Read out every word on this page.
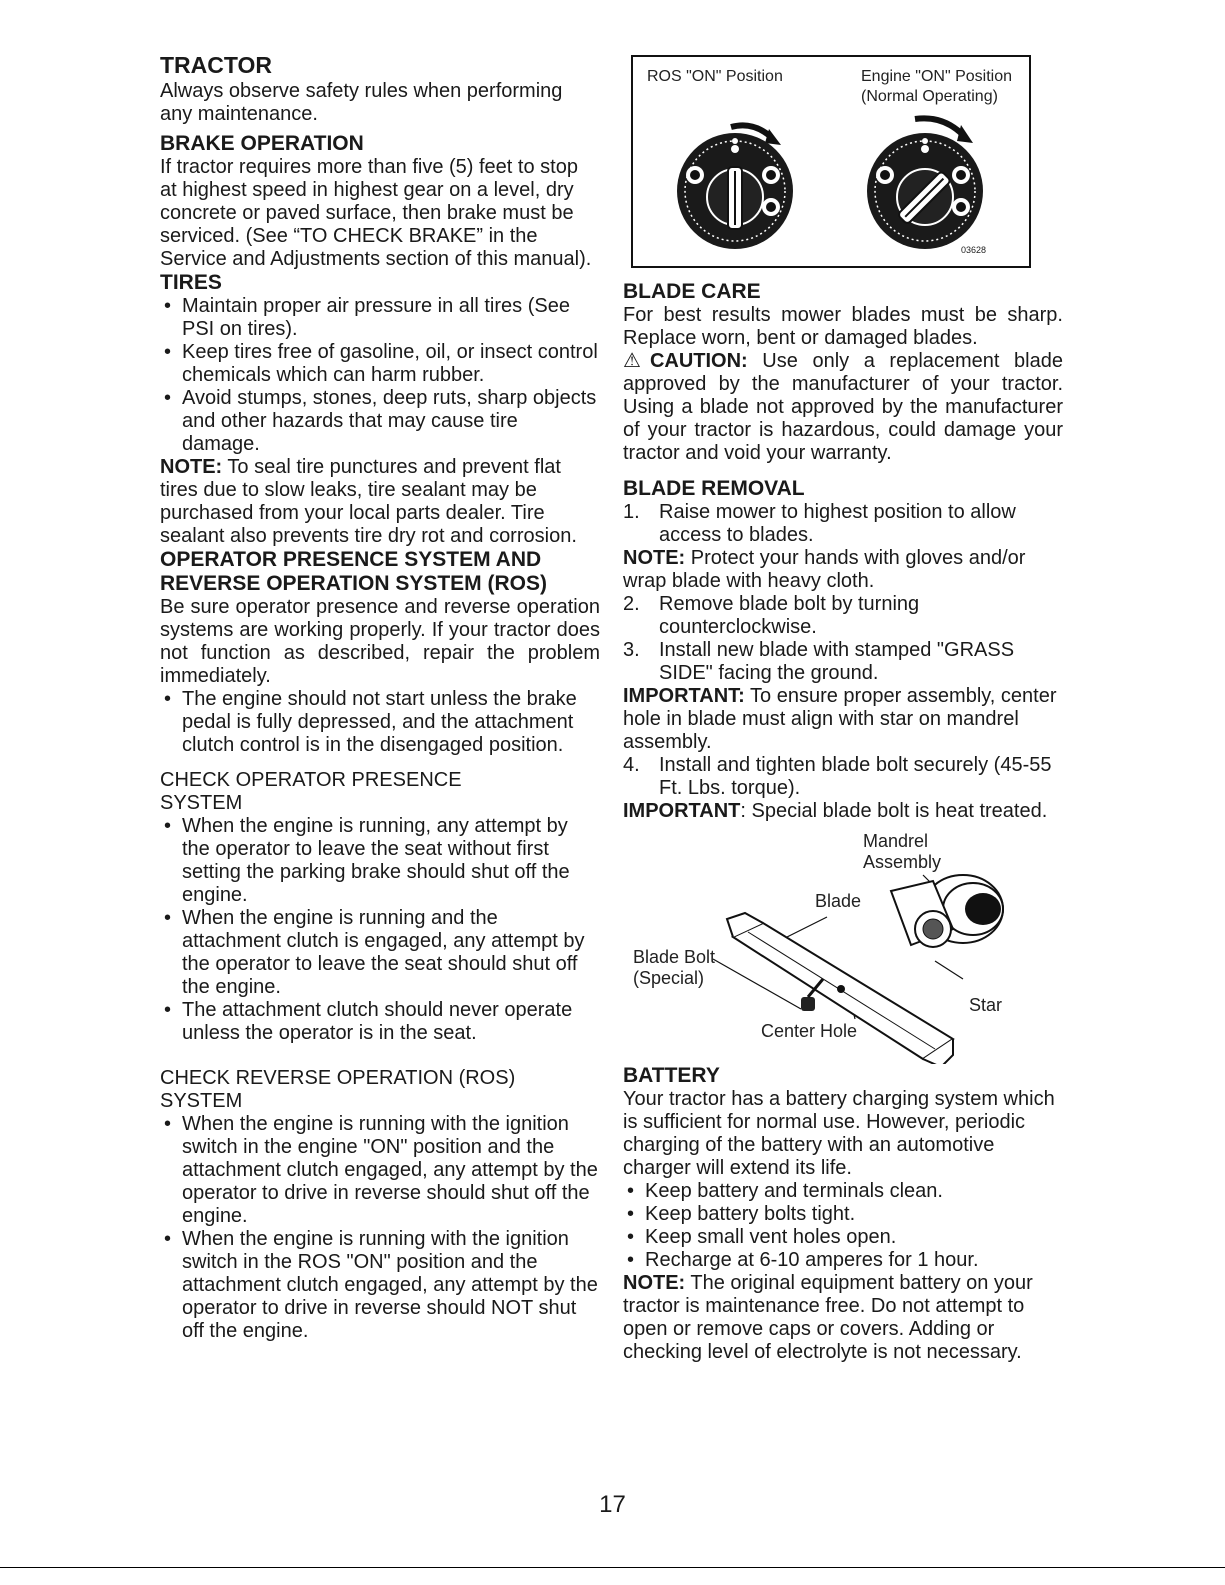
TRACTOR

Always observe safety rules when performing any maintenance.

BRAKE OPERATION

If tractor requires more than five (5) feet to stop at highest speed in highest gear on a level, dry concrete or paved surface, then brake must be serviced. (See “TO CHECK BRAKE” in the Service and Adjustments section of this manual).

TIRES
• Maintain proper air pressure in all tires (See PSI on tires).
• Keep tires free of gasoline, oil, or insect control chemicals which can harm rubber.
• Avoid stumps, stones, deep ruts, sharp objects and other hazards that may cause tire damage.

NOTE: To seal tire punctures and prevent flat tires due to slow leaks, tire sealant may be purchased from your local parts dealer. Tire sealant also prevents tire dry rot and corrosion.

OPERATOR PRESENCE SYSTEM AND
REVERSE OPERATION SYSTEM (ROS)

Be sure operator presence and reverse operation systems are working properly. If your tractor does not function as described, repair the problem immediately.

• The engine should not start unless the brake pedal is fully depressed, and the attachment clutch control is in the disengaged position.
CHECK OPERATOR PRESENCE
SYSTEM
• When the engine is running, any attempt by the operator to leave the seat without first setting the parking brake should shut off the engine.
• When the engine is running and the attachment clutch is engaged, any attempt by the operator to leave the seat should shut off the engine.
• The attachment clutch should never operate unless the operator is in the seat.
CHECK REVERSE OPERATION (ROS)
SYSTEM
• When the engine is running with the ignition switch in the engine "ON" position and the attachment clutch engaged, any attempt by the operator to drive in reverse should shut off the engine.
• When the engine is running with the ignition switch in the ROS "ON" position and the attachment clutch engaged, any attempt by the operator to drive in reverse should NOT shut off the engine.
ROS "ON" Position	Engine "ON" Position
(Normal Operating)
03628
BLADE CARE

For best results mower blades must be sharp. Replace worn, bent or damaged blades.

⚠CAUTION: Use only a replacement blade approved by the manufacturer of your tractor. Using a blade not approved by the manufacturer of your tractor is hazardous, could damage your tractor and void your warranty.

BLADE REMOVAL
1. Raise mower to highest position to allow access to blades.

NOTE: Protect your hands with gloves and/or wrap blade with heavy cloth.

2. Remove blade bolt by turning counterclockwise.
3. Install new blade with stamped "GRASS SIDE" facing the ground.

IMPORTANT: To ensure proper assembly, center hole in blade must align with star on mandrel assembly.

4. Install and tighten blade bolt securely (45-55 Ft. Lbs. torque).

IMPORTANT: Special blade bolt is heat treated.

Mandrel
Assembly
Blade
Blade Bolt
(Special)
Star
Center Hole
BATTERY

Your tractor has a battery charging system which is sufficient for normal use. However, periodic charging of the battery with an automotive charger will extend its life.

• Keep battery and terminals clean.
• Keep battery bolts tight.
• Keep small vent holes open.
• Recharge at 6-10 amperes for 1 hour.

NOTE: The original equipment battery on your tractor is maintenance free. Do not attempt to open or remove caps or covers. Adding or checking level of electrolyte is not necessary.

17
